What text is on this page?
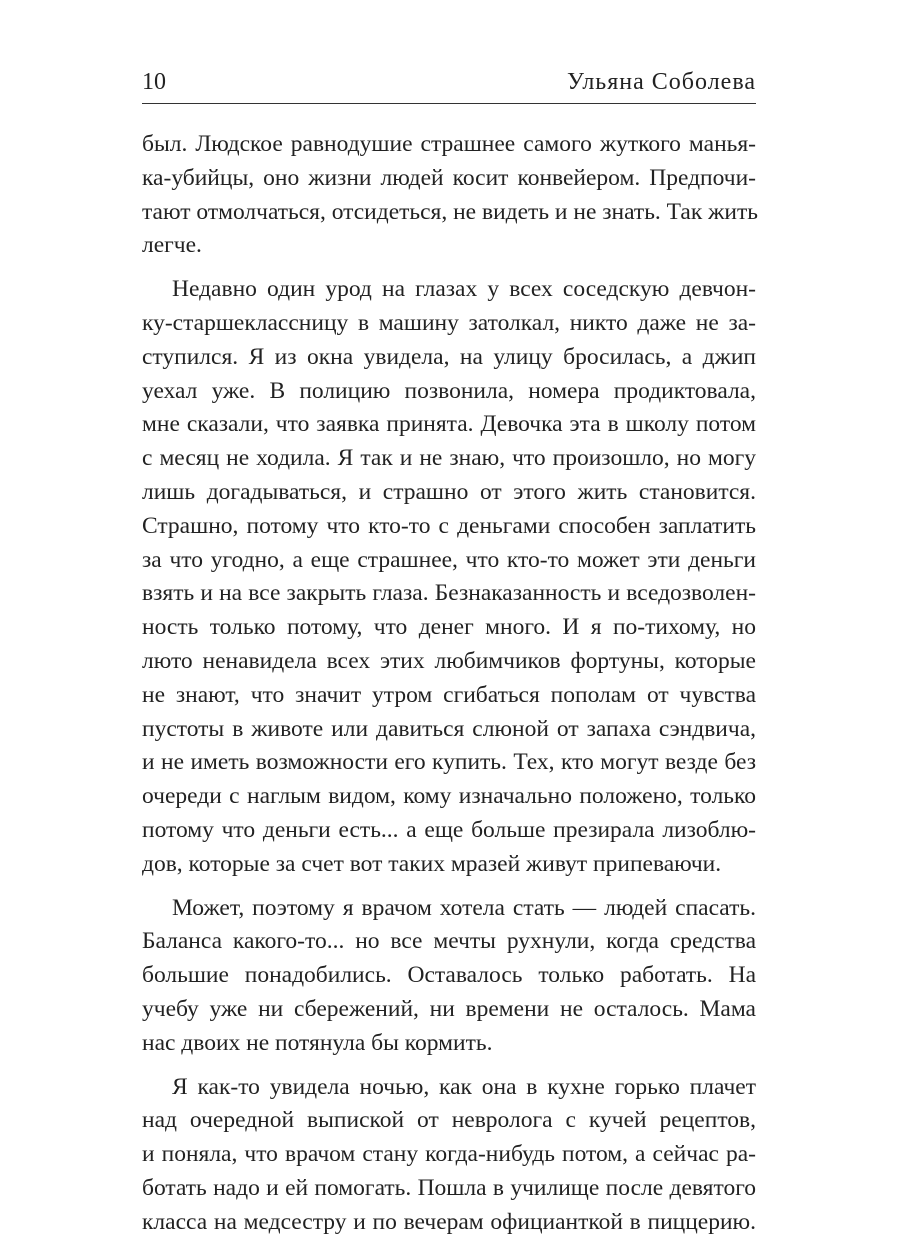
10	Ульяна Соболева
был. Людское равнодушие страшнее самого жуткого манья-
ка-убийцы, оно жизни людей косит конвейером. Предпочи-
тают отмолчаться, отсидеться, не видеть и не знать. Так жить
легче.
Недавно один урод на глазах у всех соседскую девчон-
ку-старшеклассницу в машину затолкал, никто даже не за-
ступился. Я из окна увидела, на улицу бросилась, а джип
уехал уже. В полицию позвонила, номера продиктовала,
мне сказали, что заявка принята. Девочка эта в школу потом
с месяц не ходила. Я так и не знаю, что произошло, но могу
лишь догадываться, и страшно от этого жить становится.
Страшно, потому что кто-то с деньгами способен заплатить
за что угодно, а еще страшнее, что кто-то может эти деньги
взять и на все закрыть глаза. Безнаказанность и вседозволен-
ность только потому, что денег много. И я по-тихому, но
люто ненавидела всех этих любимчиков фортуны, которые
не знают, что значит утром сгибаться пополам от чувства
пустоты в животе или давиться слюной от запаха сэндвича,
и не иметь возможности его купить. Тех, кто могут везде без
очереди с наглым видом, кому изначально положено, только
потому что деньги есть... а еще больше презирала лизоблю-
дов, которые за счет вот таких мразей живут припеваючи.
Может, поэтому я врачом хотела стать — людей спасать.
Баланса какого-то... но все мечты рухнули, когда средства
большие понадобились. Оставалось только работать. На
учебу уже ни сбережений, ни времени не осталось. Мама
нас двоих не потянула бы кормить.
Я как-то увидела ночью, как она в кухне горько плачет
над очередной выпиской от невролога с кучей рецептов,
и поняла, что врачом стану когда-нибудь потом, а сейчас ра-
ботать надо и ей помогать. Пошла в училище после девятого
класса на медсестру и по вечерам официанткой в пиццерию.
